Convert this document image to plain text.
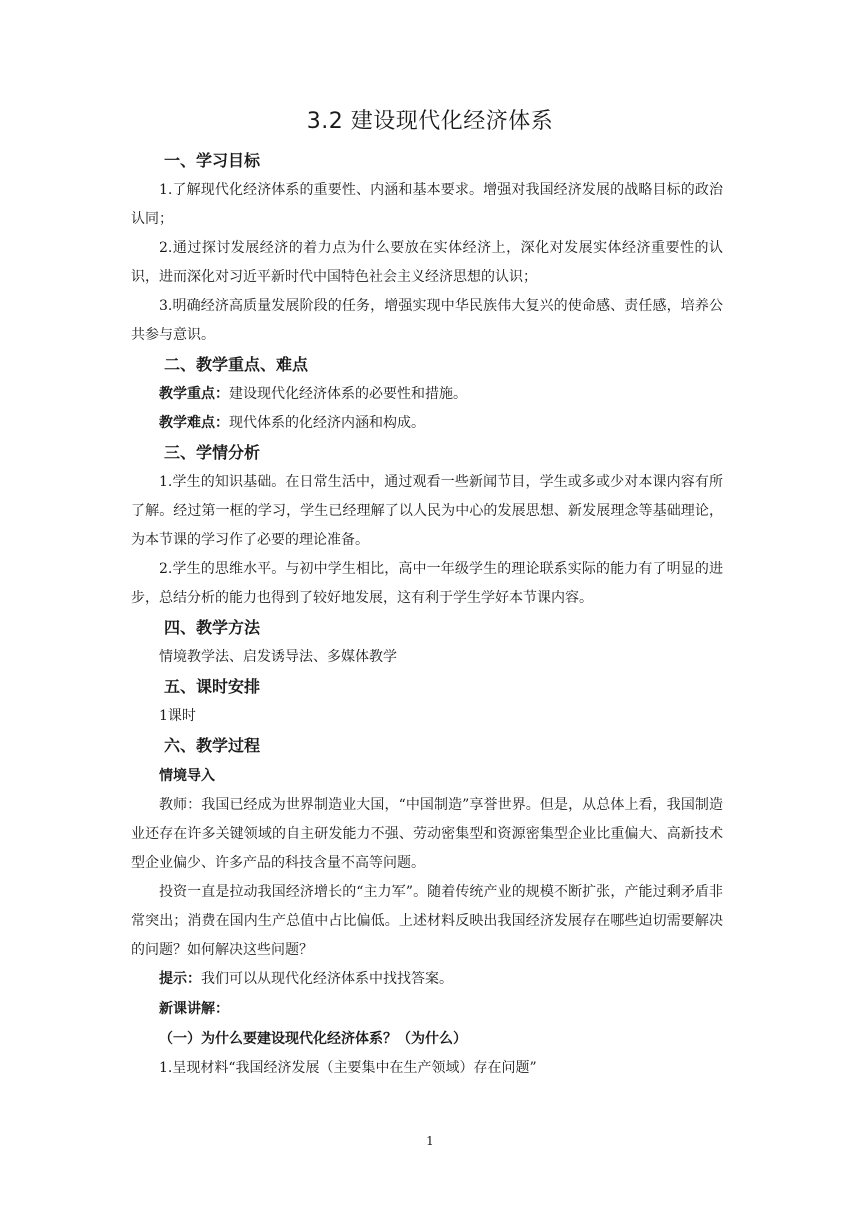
3.2 建设现代化经济体系
一、学习目标

1.了解现代化经济体系的重要性、内涵和基本要求。增强对我国经济发展的战略目标的政治认同；

2.通过探讨发展经济的着力点为什么要放在实体经济上，深化对发展实体经济重要性的认识，进而深化对习近平新时代中国特色社会主义经济思想的认识；

3.明确经济高质量发展阶段的任务，增强实现中华民族伟大复兴的使命感、责任感，培养公共参与意识。

二、教学重点、难点

教学重点：建设现代化经济体系的必要性和措施。

教学难点：现代体系的化经济内涵和构成。

三、学情分析

1.学生的知识基础。在日常生活中，通过观看一些新闻节目，学生或多或少对本课内容有所了解。经过第一框的学习，学生已经理解了以人民为中心的发展思想、新发展理念等基础理论，为本节课的学习作了必要的理论准备。

2.学生的思维水平。与初中学生相比，高中一年级学生的理论联系实际的能力有了明显的进步，总结分析的能力也得到了较好地发展，这有利于学生学好本节课内容。

四、教学方法

情境教学法、启发诱导法、多媒体教学

五、课时安排

1课时

六、教学过程
情境导入

教师：我国已经成为世界制造业大国，“中国制造”享誉世界。但是，从总体上看，我国制造业还存在许多关键领域的自主研发能力不强、劳动密集型和资源密集型企业比重偏大、高新技术型企业偏少、许多产品的科技含量不高等问题。

投资一直是拉动我国经济增长的“主力军”。随着传统产业的规模不断扩张，产能过剩矛盾非常突出；消费在国内生产总值中占比偏低。上述材料反映出我国经济发展存在哪些迫切需要解决的问题？如何解决这些问题？

提示：我们可以从现代化经济体系中找找答案。

新课讲解：
（一）为什么要建设现代化经济体系？（为什么）

1.呈现材料“我国经济发展（主要集中在生产领域）存在问题”

1
